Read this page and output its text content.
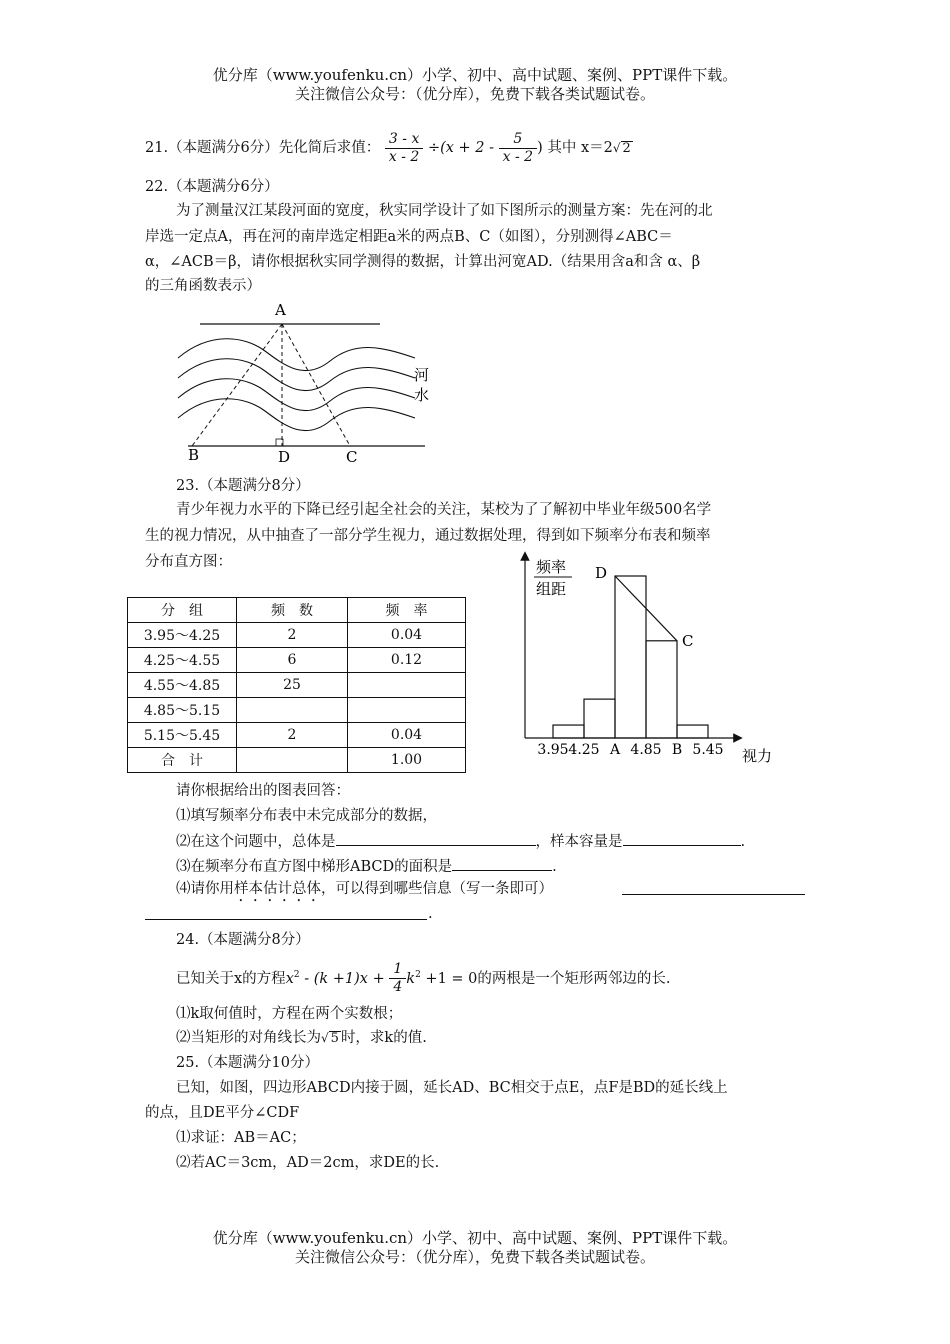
优分库（www.youfenku.cn）小学、初中、高中试题、案例、PPT课件下载。
关注微信公众号：（优分库），免费下载各类试题试卷。
21.（本题满分6分）先化简后求值： $\frac{3 - x}{x - 2} \div(x + 2 - \frac{5}{x - 2}$ ) 其中 x＝2√ 2
22.（本题满分6分）
为了测量汉江某段河面的宽度，秋实同学设计了如下图所示的测量方案：先在河的北
岸选一定点A，再在河的南岸选定相距a米的两点B、C（如图），分别测得∠ABC＝
α，∠ACB＝β，请你根据秋实同学测得的数据，计算出河宽AD.（结果用含a和含 α、β
的三角函数表示）
A
B	D	C
河
水
23.（本题满分8分）
青少年视力水平的下降已经引起全社会的关注，某校为了了解初中毕业年级500名学
生的视力情况，从中抽查了一部分学生视力，通过数据处理，得到如下频率分布表和频率
分布直方图：
分　组	频　数	频　率
3.95～4.25	2	0.04
4.25～4.55	6	0.12
4.55～4.85	25	
4.85～5.15		
5.15～5.45	2	0.04
合　计		1.00
频率
组距
视力
D
C
3.95 4.25 A 4.85 B 5.45
请你根据给出的图表回答：
⑴填写频率分布表中未完成部分的数据，
⑵在这个问题中，总体是	，样本容量是	.
⑶在频率分布直方图中梯形ABCD的面积是	.
⑷请你用样本估计总体，可以得到哪些信息（写一条即可）
.
24.（本题满分8分）
已知关于x的方程$x^2 - (k +1)x + \frac{1}{4} k^2 +1 = 0$的两根是一个矩形两邻边的长.
⑴k取何值时，方程在两个实数根；
⑵当矩形的对角线长为√ 5 时，求k的值.
25.（本题满分10分）
已知，如图，四边形ABCD内接于圆，延长AD、BC相交于点E，点F是BD的延长线上
的点，且DE平分∠CDF
⑴求证：AB＝AC；
⑵若AC＝3cm，AD＝2cm，求DE的长.
优分库（www.youfenku.cn）小学、初中、高中试题、案例、PPT课件下载。
关注微信公众号：（优分库），免费下载各类试题试卷。
